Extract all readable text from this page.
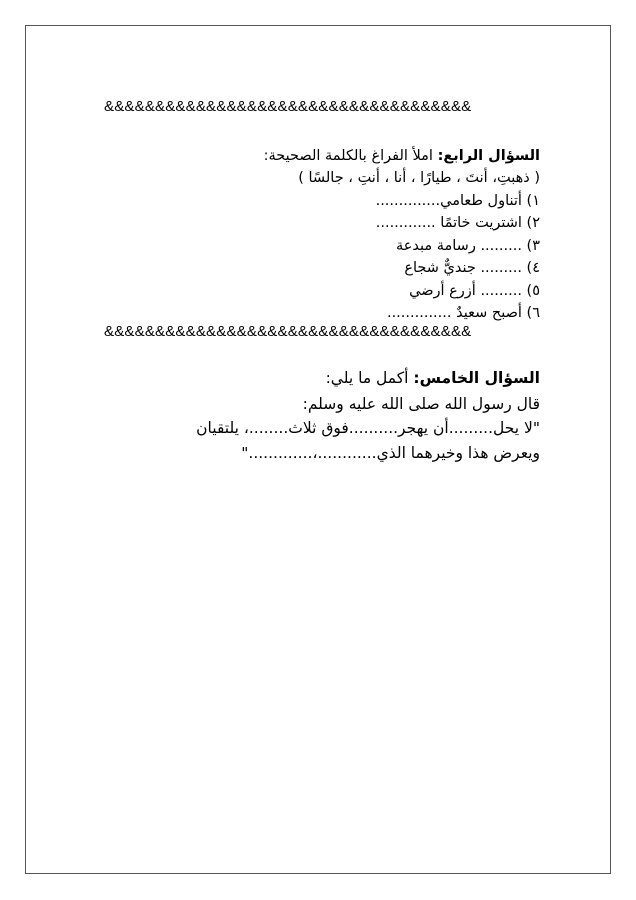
&&&&&&&&&&&&&&&&&&&&&&&&&&&&&&&&&&&&
السؤال الرابع: املأ الفراغ بالكلمة الصحيحة:
( ذهبتِ، أنتَ ، طيارًا ، أنا ، أنتِ ، جالسًا )
١) أتناول طعامي..............
٢) اشتريت خاتمًا .............
٣) ......... رسامة مبدعة
٤) ......... جنديٌّ شجاع
٥) ......... أزرع أرضي
٦) أصبح سعيدٌ ..............
&&&&&&&&&&&&&&&&&&&&&&&&&&&&&&&&&&&&
السؤال الخامس: أكمل ما يلي:
قال رسول الله صلى الله عليه وسلم:
"لا يحل.........أن يهجر..........فوق ثلاث........، يلتقيان
ويعرض هذا وخيرهما الذي............،............."
